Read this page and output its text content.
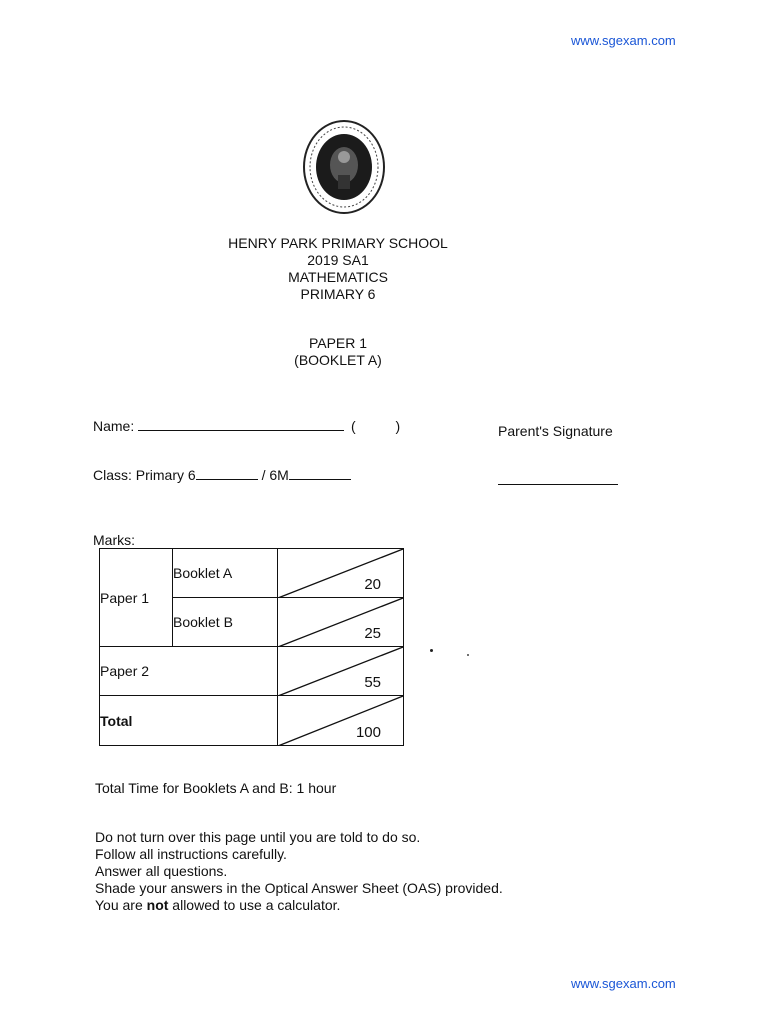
www.sgexam.com
HENRY PARK PRIMARY SCHOOL
2019 SA1
MATHEMATICS
PRIMARY 6
PAPER 1
(BOOKLET A)
Name:	(	)	Parent's Signature
Class: Primary 6	/ 6M
Marks:
Paper 1	Booklet A	20

	Booklet B	25

Paper 2		55

Total		100
Total Time for Booklets A and B: 1 hour
Do not turn over this page until you are told to do so.
Follow all instructions carefully.
Answer all questions.
Shade your answers in the Optical Answer Sheet (OAS) provided.
You are not allowed to use a calculator.
www.sgexam.com
